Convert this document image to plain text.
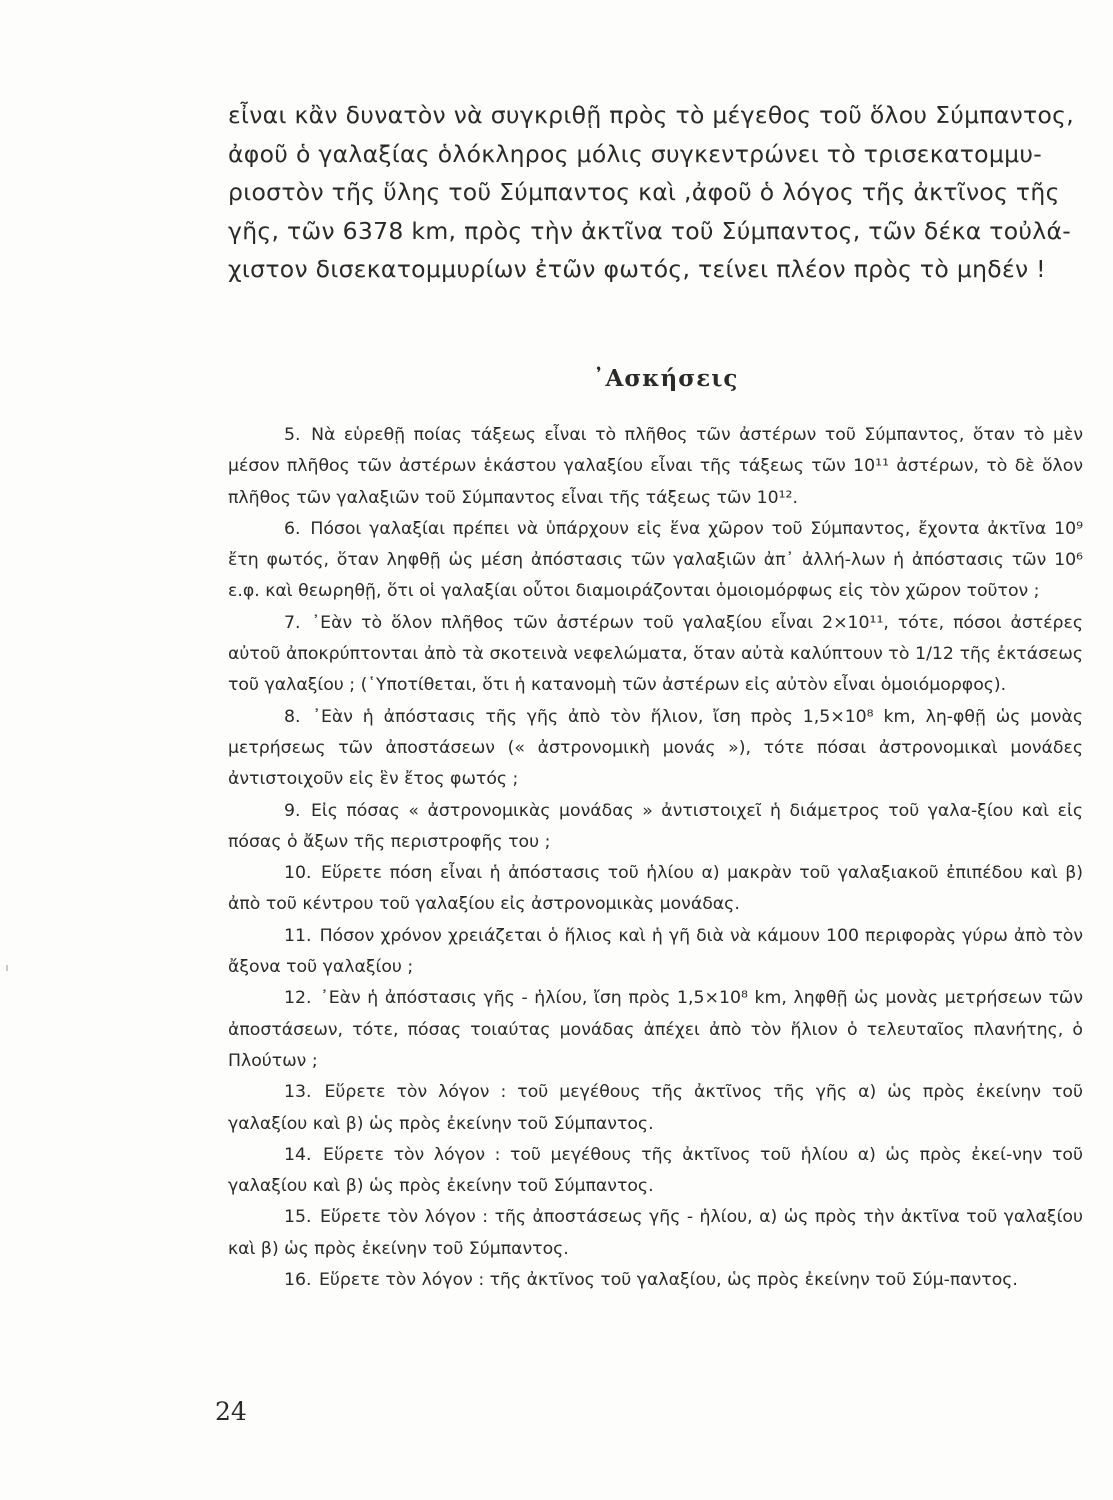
εἶναι κἂν δυνατὸν νὰ συγκριθῇ πρὸς τὸ μέγεθος τοῦ ὅλου Σύμπαντος,
ἀφοῦ ὁ γαλαξίας ὁλόκληρος μόλις συγκεντρώνει τὸ τρισεκατομμυ-
ριοστὸν τῆς ὕλης τοῦ Σύμπαντος καὶ ,ἀφοῦ ὁ λόγος τῆς ἀκτῖνος τῆς
γῆς, τῶν 6378 km, πρὸς τὴν ἀκτῖνα τοῦ Σύμπαντος, τῶν δέκα τοὐλά-
χιστον δισεκατομμυρίων ἐτῶν φωτός, τείνει πλέον πρὸς τὸ μηδέν !
᾿Ασκήσεις

5. Νὰ εὑρεθῇ ποίας τάξεως εἶναι τὸ πλῆθος τῶν ἀστέρων τοῦ Σύμπαντος, ὅταν τὸ μὲν μέσον πλῆθος τῶν ἀστέρων ἑκάστου γαλαξίου εἶναι τῆς τάξεως τῶν 10¹¹ ἀστέρων, τὸ δὲ ὅλον πλῆθος τῶν γαλαξιῶν τοῦ Σύμπαντος εἶναι τῆς τάξεως τῶν 10¹².

6. Πόσοι γαλαξίαι πρέπει νὰ ὑπάρχουν εἰς ἕνα χῶρον τοῦ Σύμπαντος, ἔχοντα ἀκτῖνα 10⁹ ἔτη φωτός, ὅταν ληφθῇ ὡς μέση ἀπόστασις τῶν γαλαξιῶν ἀπ᾿ ἀλλή-λων ἡ ἀπόστασις τῶν 10⁶ ε.φ. καὶ θεωρηθῇ, ὅτι οἱ γαλαξίαι οὗτοι διαμοιράζονται ὁμοιομόρφως εἰς τὸν χῶρον τοῦτον ;

7. ᾿Εὰν τὸ ὅλον πλῆθος τῶν ἀστέρων τοῦ γαλαξίου εἶναι 2×10¹¹, τότε, πόσοι ἀστέρες αὐτοῦ ἀποκρύπτονται ἀπὸ τὰ σκοτεινὰ νεφελώματα, ὅταν αὐτὰ καλύπτουν τὸ 1/12 τῆς ἐκτάσεως τοῦ γαλαξίου ; (῾Υποτίθεται, ὅτι ἡ κατανομὴ τῶν ἀστέρων εἰς αὐτὸν εἶναι ὁμοιόμορφος).

8. ᾿Εὰν ἡ ἀπόστασις τῆς γῆς ἀπὸ τὸν ἥλιον, ἴση πρὸς 1,5×10⁸ km, λη-φθῇ ὡς μονὰς μετρήσεως τῶν ἀποστάσεων (« ἀστρονομικὴ μονάς »), τότε πόσαι ἀστρονομικαὶ μονάδες ἀντιστοιχοῦν εἰς ἓν ἔτος φωτός ;

9. Εἰς πόσας « ἀστρονομικὰς μονάδας » ἀντιστοιχεῖ ἡ διάμετρος τοῦ γαλα-ξίου καὶ εἰς πόσας ὁ ἄξων τῆς περιστροφῆς του ;

10. Εὕρετε πόση εἶναι ἡ ἀπόστασις τοῦ ἡλίου α) μακρὰν τοῦ γαλαξιακοῦ ἐπιπέδου καὶ β) ἀπὸ τοῦ κέντρου τοῦ γαλαξίου εἰς ἀστρονομικὰς μονάδας.

11. Πόσον χρόνον χρειάζεται ὁ ἥλιος καὶ ἡ γῆ διὰ νὰ κάμουν 100 περιφορὰς γύρω ἀπὸ τὸν ἄξονα τοῦ γαλαξίου ;

12. ᾿Εὰν ἡ ἀπόστασις γῆς - ἡλίου, ἴση πρὸς 1,5×10⁸ km, ληφθῇ ὡς μονὰς μετρήσεων τῶν ἀποστάσεων, τότε, πόσας τοιαύτας μονάδας ἀπέχει ἀπὸ τὸν ἥλιον ὁ τελευταῖος πλανήτης, ὁ Πλούτων ;

13. Εὕρετε τὸν λόγον : τοῦ μεγέθους τῆς ἀκτῖνος τῆς γῆς α) ὡς πρὸς ἐκείνην τοῦ γαλαξίου καὶ β) ὡς πρὸς ἐκείνην τοῦ Σύμπαντος.

14. Εὕρετε τὸν λόγον : τοῦ μεγέθους τῆς ἀκτῖνος τοῦ ἡλίου α) ὡς πρὸς ἐκεί-νην τοῦ γαλαξίου καὶ β) ὡς πρὸς ἐκείνην τοῦ Σύμπαντος.

15. Εὕρετε τὸν λόγον : τῆς ἀποστάσεως γῆς - ἡλίου, α) ὡς πρὸς τὴν ἀκτῖνα τοῦ γαλαξίου καὶ β) ὡς πρὸς ἐκείνην τοῦ Σύμπαντος.

16. Εὕρετε τὸν λόγον : τῆς ἀκτῖνος τοῦ γαλαξίου, ὡς πρὸς ἐκείνην τοῦ Σύμ-παντος.

24
